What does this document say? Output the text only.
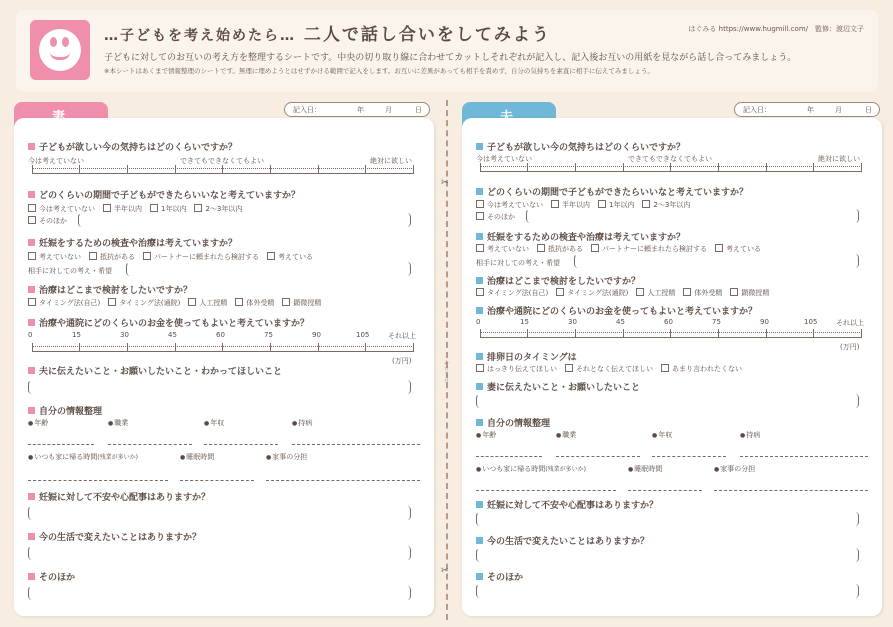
…子どもを考え始めたら… 二人で話し合いをしてみよう	はぐみる https://www.hugmill.com/　監修：渡辺文子
子どもに対してのお互いの考え方を整理するシートです。中央の切り取り線に合わせてカットしそれぞれが記入し、記入後お互いの用紙を見ながら話し合ってみましょう。
※本シートはあくまで情報整理のシートです。無理に埋めようとはせずかける範囲で記入をします。お互いに差異があっても相手を責めず、自分の気持ちを素直に相手に伝えてみましょう。
✂
✂
キリトリ
記入日：	年	月	日
子どもが欲しい今の気持ちはどのくらいですか？
今は考えていない	できてもできなくてもよい	絶対に欲しい
どのくらいの期間で子どもができたらいいなと考えていますか？
今は考えていない	半年以内	1年以内	2～3年以内
そのほか
妊娠をするための検査や治療は考えていますか？
考えていない	抵抗がある	パートナーに頼まれたら検討する	考えている
相手に対しての考え・希望
治療はどこまで検討をしたいですか？
タイミング法(自己)	タイミング法(通院)	人工授精	体外受精	顕微授精
治療や通院にどのくらいのお金を使ってもよいと考えていますか？
0	15	30	45	60	75	90	105	それ以上
(万円)
夫に伝えたいこと・お願いしたいこと・わかってほしいこと
自分の情報整理
● 年齢	● 職業	● 年収	● 持病
● いつも家に帰る時間(残業が多いか)	● 睡眠時間	● 家事の分担
妊娠に対して不安や心配事はありますか？
今の生活で変えたいことはありますか？
そのほか
記入日：	年	月	日
子どもが欲しい今の気持ちはどのくらいですか？
今は考えていない	できてもできなくてもよい	絶対に欲しい
どのくらいの期間で子どもができたらいいなと考えていますか？
今は考えていない	半年以内	1年以内	2～3年以内
そのほか
妊娠をするための検査や治療は考えていますか？
考えていない	抵抗がある	パートナーに頼まれたら検討する	考えている
相手に対しての考え・希望
治療はどこまで検討をしたいですか？
タイミング法(自己)	タイミング法(通院)	人工授精	体外受精	顕微授精
治療や通院にどのくらいのお金を使ってもよいと考えていますか？
0	15	30	45	60	75	90	105	それ以上
(万円)
排卵日のタイミングは
はっきり伝えてほしい	それとなく伝えてほしい	あまり言われたくない
妻に伝えたいこと・お願いしたいこと
自分の情報整理
● 年齢	● 職業	● 年収	● 持病
● いつも家に帰る時間(残業が多いか)	● 睡眠時間	● 家事の分担
妊娠に対して不安や心配事はありますか？
今の生活で変えたいことはありますか？
そのほか
